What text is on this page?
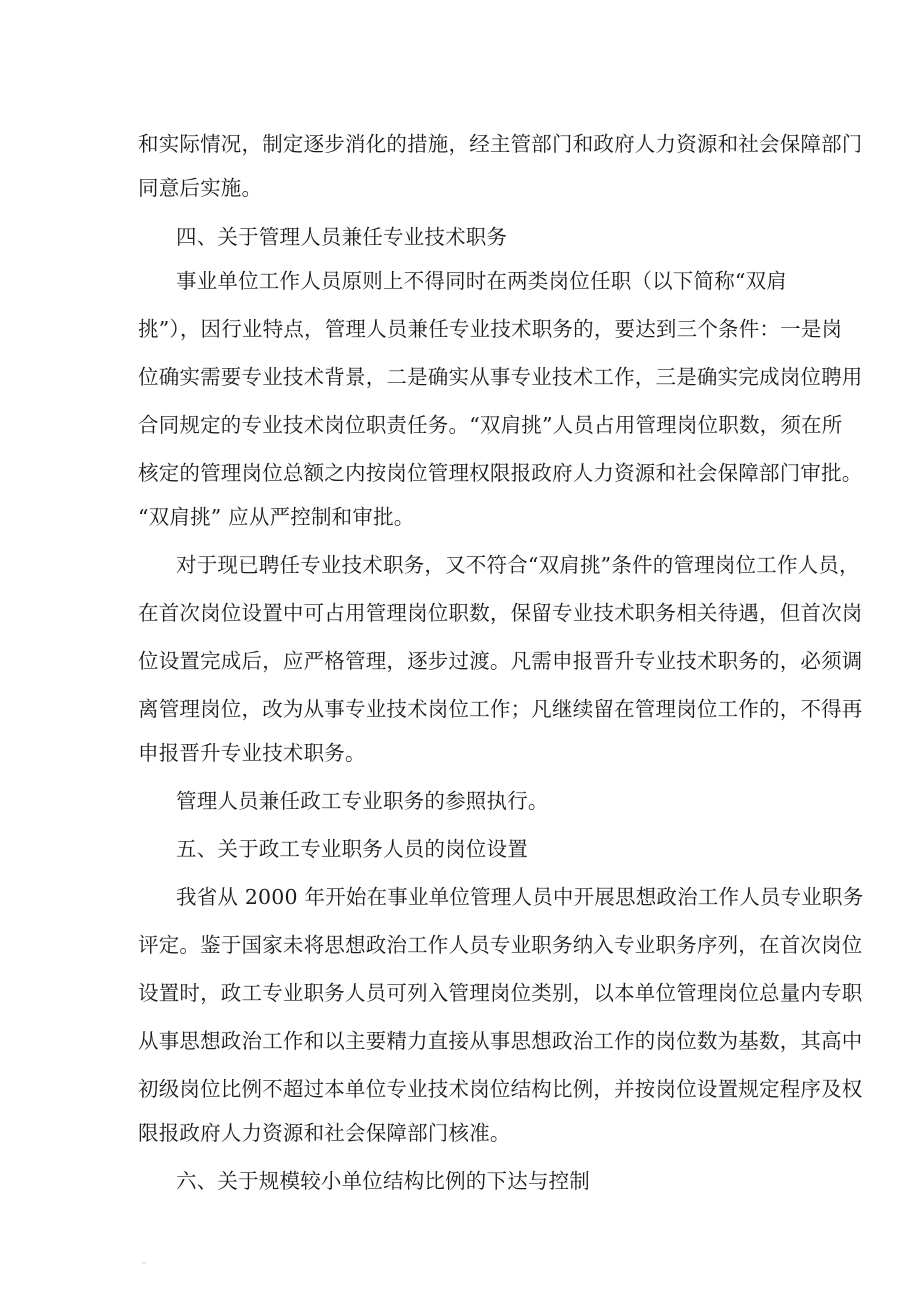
和实际情况，制定逐步消化的措施，经主管部门和政府人力资源和社会保障部门
同意后实施。
四、关于管理人员兼任专业技术职务
事业单位工作人员原则上不得同时在两类岗位任职（以下简称“双肩
挑”），因行业特点，管理人员兼任专业技术职务的，要达到三个条件：一是岗
位确实需要专业技术背景，二是确实从事专业技术工作，三是确实完成岗位聘用
合同规定的专业技术岗位职责任务。“双肩挑”人员占用管理岗位职数，须在所
核定的管理岗位总额之内按岗位管理权限报政府人力资源和社会保障部门审批。
“双肩挑” 应从严控制和审批。
对于现已聘任专业技术职务，又不符合“双肩挑”条件的管理岗位工作人员，
在首次岗位设置中可占用管理岗位职数，保留专业技术职务相关待遇，但首次岗
位设置完成后，应严格管理，逐步过渡。凡需申报晋升专业技术职务的，必须调
离管理岗位，改为从事专业技术岗位工作；凡继续留在管理岗位工作的，不得再
申报晋升专业技术职务。
管理人员兼任政工专业职务的参照执行。
五、关于政工专业职务人员的岗位设置
我省从 2000 年开始在事业单位管理人员中开展思想政治工作人员专业职务
评定。鉴于国家未将思想政治工作人员专业职务纳入专业职务序列，在首次岗位
设置时，政工专业职务人员可列入管理岗位类别，以本单位管理岗位总量内专职
从事思想政治工作和以主要精力直接从事思想政治工作的岗位数为基数，其高中
初级岗位比例不超过本单位专业技术岗位结构比例，并按岗位设置规定程序及权
限报政府人力资源和社会保障部门核准。
六、关于规模较小单位结构比例的下达与控制
